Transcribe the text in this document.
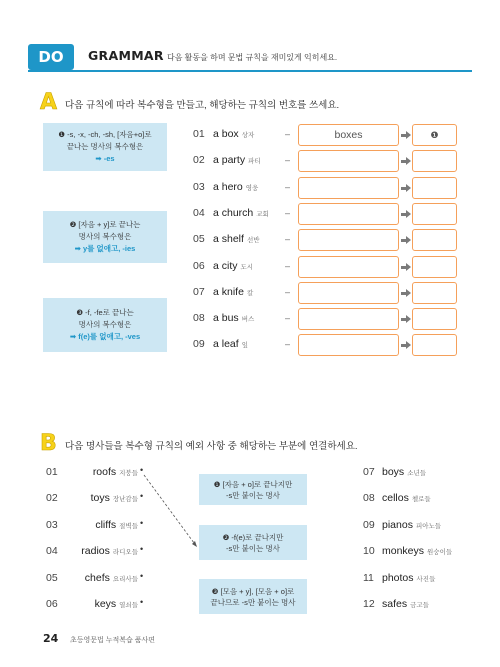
DO	GRAMMAR 다음 활동을 하며 문법 규칙을 재미있게 익히세요.
A 다음 규칙에 따라 복수형을 만들고, 해당하는 규칙의 번호를 쓰세요.
❶ -s, -x, -ch, -sh, [자음+o]로
끝나는 명사의 복수형은
➡ -es
❷ [자음 + y]로 끝나는
명사의 복수형은
➡ y를 없애고, -ies
❸ -f, -fe로 끝나는
명사의 복수형은
➡ f(e)를 없애고, -ves
01 a box 상자	–	boxes	❶
02 a party 파티	–
03 a hero 영웅	–
04 a church 교회 –
05 a shelf 선반	–
06 a city 도시	–
07 a knife 칼	–
08 a bus 버스	–
09 a leaf 잎	–
B 다음 명사들을 복수형 규칙의 예외 사항 중 해당하는 부분에 연결하세요.
❶ [자음 + o]로 끝나지만
-s만 붙이는 명사
❷ -f(e)로 끝나지만
-s만 붙이는 명사
❸ [모음 + y], [모음 + o]로
끝나므로 -s만 붙이는 명사
01	roofs 지붕들 •
02	toys 장난감들 •
03	cliffs 절벽들 •
04 radios 라디오들 •
05	chefs 요리사들 •
06	keys 열쇠들 •
07 boys 소년들
08 cellos 첼로들
09 pianos 피아노들
10 monkeys 원숭이들
11 photos 사진들
12 safes 금고들
24 초등영문법 누적복습 품사편
